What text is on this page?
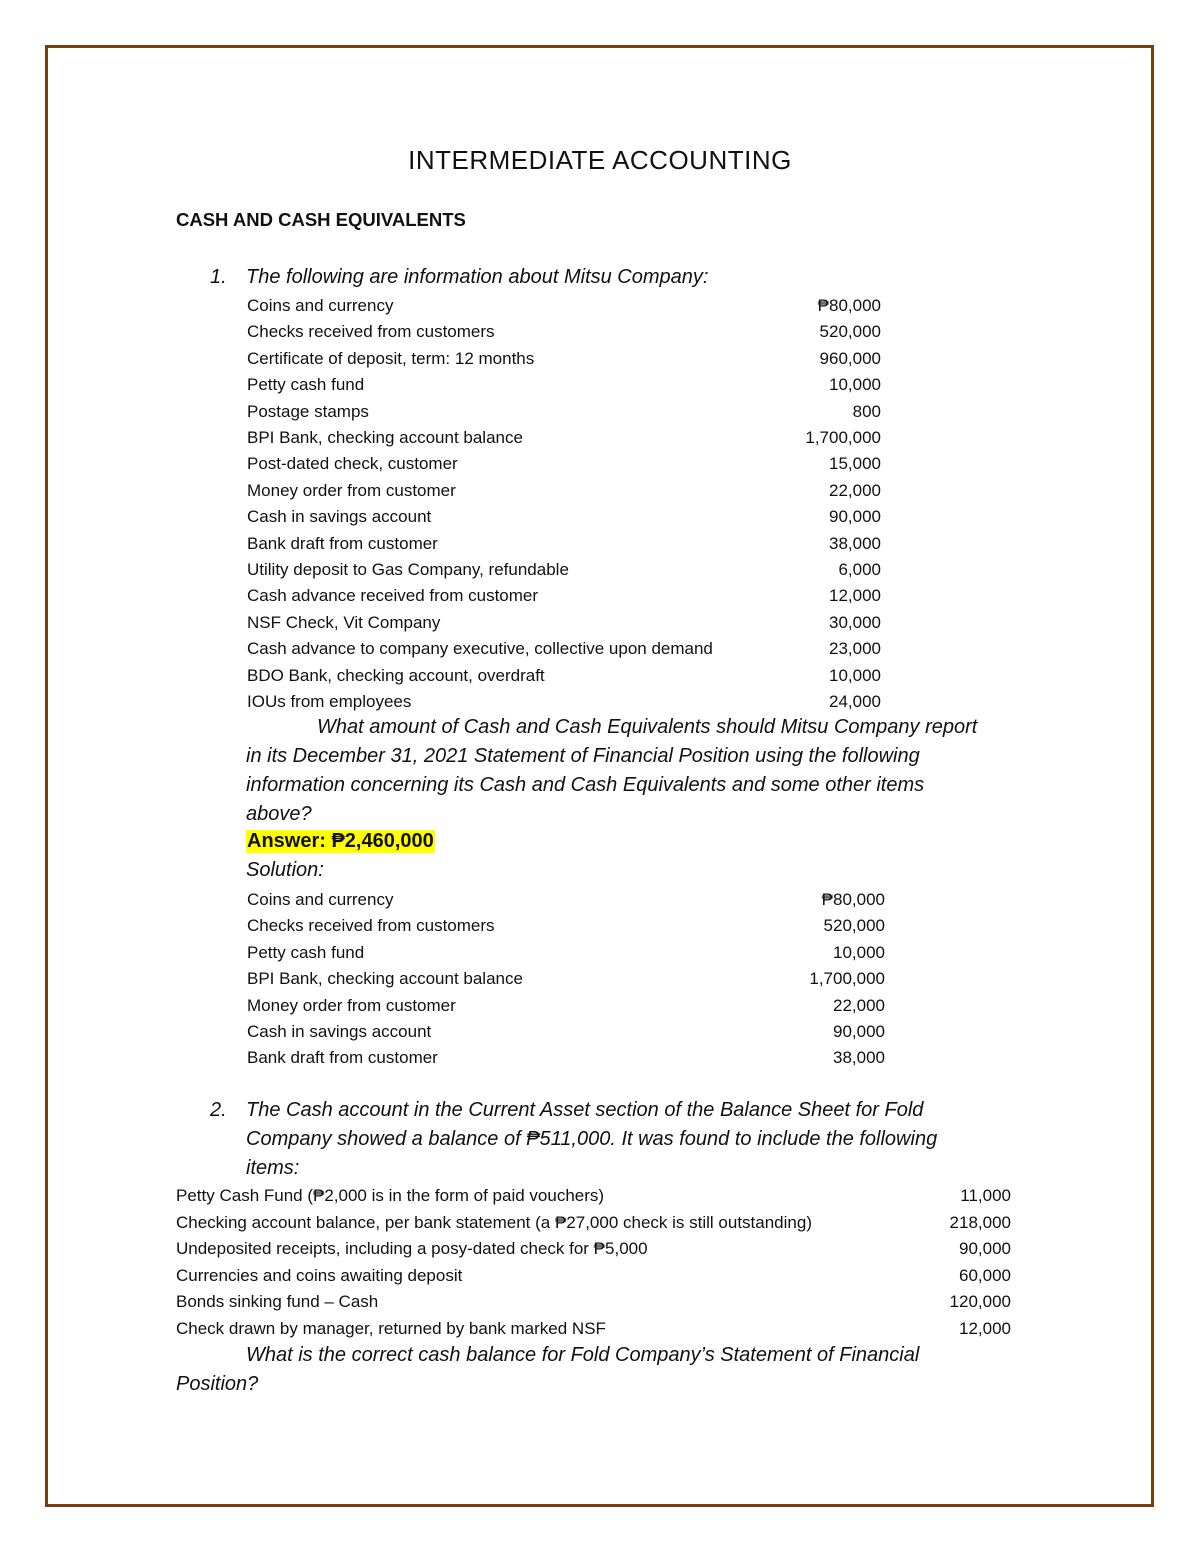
INTERMEDIATE ACCOUNTING
CASH AND CASH EQUIVALENTS
1. The following are information about Mitsu Company:
Coins and currency	₱80,000
Checks received from customers	520,000
Certificate of deposit, term: 12 months	960,000
Petty cash fund	10,000
Postage stamps	800
BPI Bank, checking account balance	1,700,000
Post-dated check, customer	15,000
Money order from customer	22,000
Cash in savings account	90,000
Bank draft from customer	38,000
Utility deposit to Gas Company, refundable	6,000
Cash advance received from customer	12,000
NSF Check, Vit Company	30,000
Cash advance to company executive, collective upon demand	23,000
BDO Bank, checking account, overdraft	10,000
IOUs from employees	24,000
What amount of Cash and Cash Equivalents should Mitsu Company report
in its December 31, 2021 Statement of Financial Position using the following
information concerning its Cash and Cash Equivalents and some other items
above?
Answer: ₱2,460,000
Solution:
Coins and currency	₱80,000
Checks received from customers	520,000
Petty cash fund	10,000
BPI Bank, checking account balance	1,700,000
Money order from customer	22,000
Cash in savings account	90,000
Bank draft from customer	38,000
2. The Cash account in the Current Asset section of the Balance Sheet for Fold
Company showed a balance of ₱511,000. It was found to include the following
items:
Petty Cash Fund (₱2,000 is in the form of paid vouchers)	11,000
Checking account balance, per bank statement (a ₱27,000 check is still outstanding)	218,000
Undeposited receipts, including a posy-dated check for ₱5,000	90,000
Currencies and coins awaiting deposit	60,000
Bonds sinking fund – Cash	120,000
Check drawn by manager, returned by bank marked NSF	12,000
What is the correct cash balance for Fold Company’s Statement of Financial
Position?
